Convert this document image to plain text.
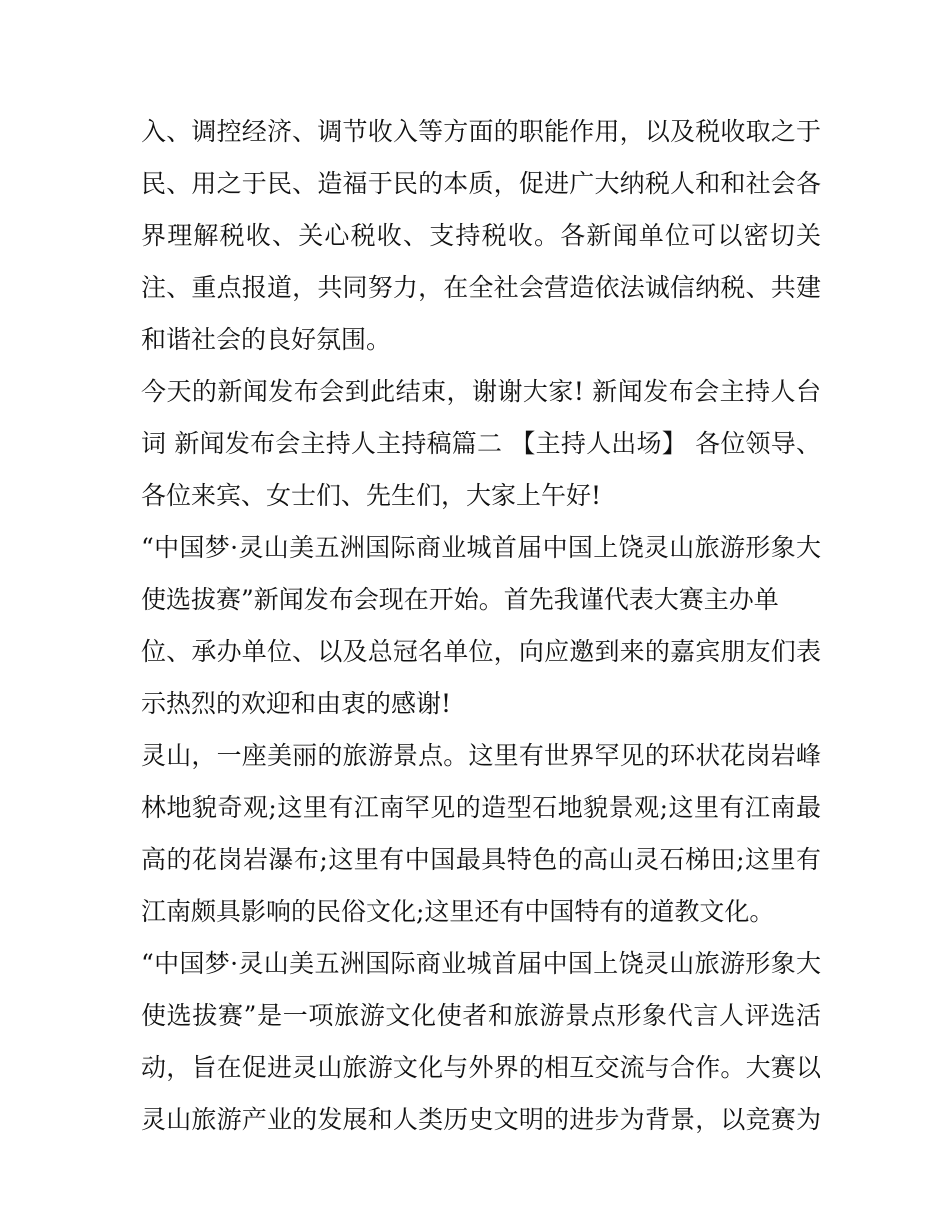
入、调控经济、调节收入等方面的职能作用，以及税收取之于
民、用之于民、造福于民的本质，促进广大纳税人和和社会各
界理解税收、关心税收、支持税收。各新闻单位可以密切关
注、重点报道，共同努力，在全社会营造依法诚信纳税、共建
和谐社会的良好氛围。
今天的新闻发布会到此结束，谢谢大家! 新闻发布会主持人台
词 新闻发布会主持人主持稿篇二 【主持人出场】 各位领导、
各位来宾、女士们、先生们，大家上午好!
“中国梦·灵山美五洲国际商业城首届中国上饶灵山旅游形象大
使选拔赛”新闻发布会现在开始。首先我谨代表大赛主办单
位、承办单位、以及总冠名单位，向应邀到来的嘉宾朋友们表
示热烈的欢迎和由衷的感谢!
灵山，一座美丽的旅游景点。这里有世界罕见的环状花岗岩峰
林地貌奇观;这里有江南罕见的造型石地貌景观;这里有江南最
高的花岗岩瀑布;这里有中国最具特色的高山灵石梯田;这里有
江南颇具影响的民俗文化;这里还有中国特有的道教文化。
“中国梦·灵山美五洲国际商业城首届中国上饶灵山旅游形象大
使选拔赛”是一项旅游文化使者和旅游景点形象代言人评选活
动，旨在促进灵山旅游文化与外界的相互交流与合作。大赛以
灵山旅游产业的发展和人类历史文明的进步为背景，以竞赛为
